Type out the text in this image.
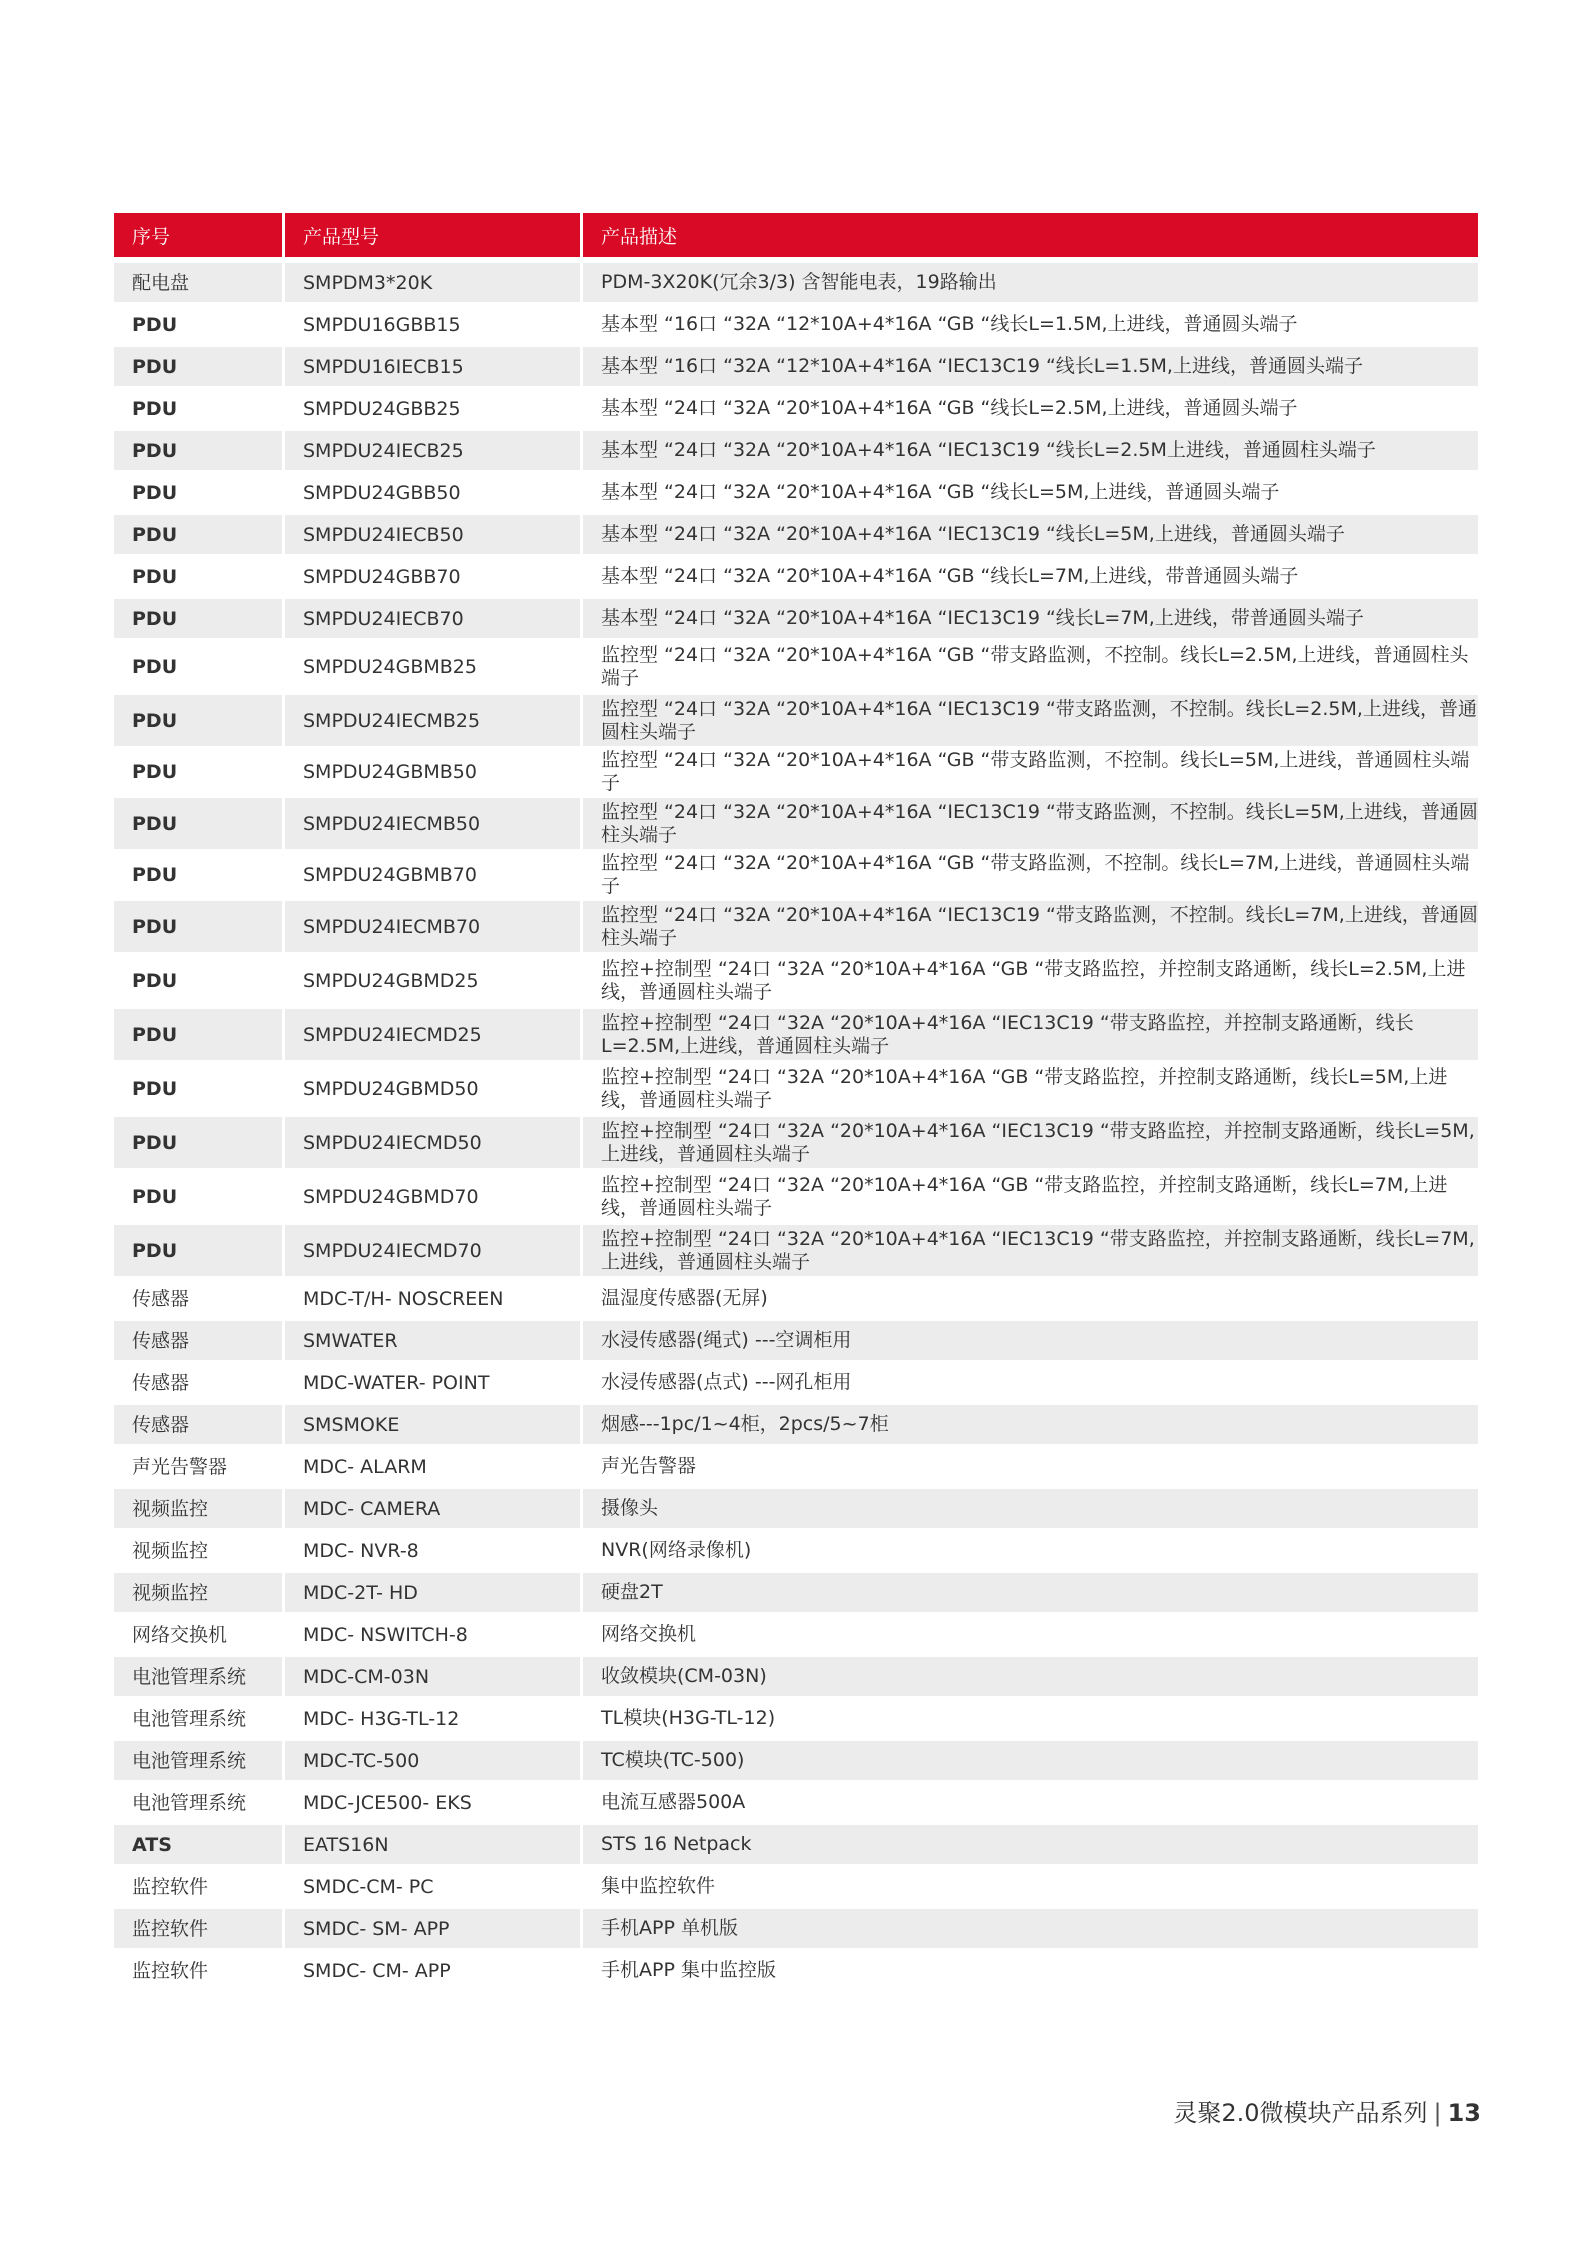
序号	产品型号	产品描述
配电盘	SMPDM3*20K	PDM-3X20K(冗余3/3) 含智能电表，19路输出
PDU	SMPDU16GBB15	基本型 “16口 “32A “12*10A+4*16A “GB “线长L=1.5M,上进线，普通圆头端子
PDU	SMPDU16IECB15	基本型 “16口 “32A “12*10A+4*16A “IEC13C19 “线长L=1.5M,上进线，普通圆头端子
PDU	SMPDU24GBB25	基本型 “24口 “32A “20*10A+4*16A “GB “线长L=2.5M,上进线，普通圆头端子
PDU	SMPDU24IECB25	基本型 “24口 “32A “20*10A+4*16A “IEC13C19 “线长L=2.5M上进线，普通圆柱头端子
PDU	SMPDU24GBB50	基本型 “24口 “32A “20*10A+4*16A “GB “线长L=5M,上进线，普通圆头端子
PDU	SMPDU24IECB50	基本型 “24口 “32A “20*10A+4*16A “IEC13C19 “线长L=5M,上进线，普通圆头端子
PDU	SMPDU24GBB70	基本型 “24口 “32A “20*10A+4*16A “GB “线长L=7M,上进线，带普通圆头端子
PDU	SMPDU24IECB70	基本型 “24口 “32A “20*10A+4*16A “IEC13C19 “线长L=7M,上进线，带普通圆头端子
PDU	SMPDU24GBMB25	监控型 “24口 “32A “20*10A+4*16A “GB “带支路监测，不控制。线长L=2.5M,上进线，普通圆柱头端子
PDU	SMPDU24IECMB25	监控型 “24口 “32A “20*10A+4*16A “IEC13C19 “带支路监测，不控制。线长L=2.5M,上进线，普通圆柱头端子
PDU	SMPDU24GBMB50	监控型 “24口 “32A “20*10A+4*16A “GB “带支路监测，不控制。线长L=5M,上进线，普通圆柱头端子
PDU	SMPDU24IECMB50	监控型 “24口 “32A “20*10A+4*16A “IEC13C19 “带支路监测，不控制。线长L=5M,上进线，普通圆柱头端子
PDU	SMPDU24GBMB70	监控型 “24口 “32A “20*10A+4*16A “GB “带支路监测，不控制。线长L=7M,上进线，普通圆柱头端子
PDU	SMPDU24IECMB70	监控型 “24口 “32A “20*10A+4*16A “IEC13C19 “带支路监测，不控制。线长L=7M,上进线，普通圆柱头端子
PDU	SMPDU24GBMD25	监控+控制型 “24口 “32A “20*10A+4*16A “GB “带支路监控，并控制支路通断，线长L=2.5M,上进线，普通圆柱头端子
PDU	SMPDU24IECMD25	监控+控制型 “24口 “32A “20*10A+4*16A “IEC13C19 “带支路监控，并控制支路通断，线长L=2.5M,上进线，普通圆柱头端子
PDU	SMPDU24GBMD50	监控+控制型 “24口 “32A “20*10A+4*16A “GB “带支路监控，并控制支路通断，线长L=5M,上进线，普通圆柱头端子
PDU	SMPDU24IECMD50	监控+控制型 “24口 “32A “20*10A+4*16A “IEC13C19 “带支路监控，并控制支路通断，线长L=5M,上进线，普通圆柱头端子
PDU	SMPDU24GBMD70	监控+控制型 “24口 “32A “20*10A+4*16A “GB “带支路监控，并控制支路通断，线长L=7M,上进线，普通圆柱头端子
PDU	SMPDU24IECMD70	监控+控制型 “24口 “32A “20*10A+4*16A “IEC13C19 “带支路监控，并控制支路通断，线长L=7M,上进线，普通圆柱头端子
传感器	MDC-T/H- NOSCREEN	温湿度传感器(无屏)
传感器	SMWATER	水浸传感器(绳式) ---空调柜用
传感器	MDC-WATER- POINT	水浸传感器(点式) ---网孔柜用
传感器	SMSMOKE	烟感---1pc/1~4柜，2pcs/5~7柜
声光告警器	MDC- ALARM	声光告警器
视频监控	MDC- CAMERA	摄像头
视频监控	MDC- NVR-8	NVR(网络录像机)
视频监控	MDC-2T- HD	硬盘2T
网络交换机	MDC- NSWITCH-8	网络交换机
电池管理系统	MDC-CM-03N	收敛模块(CM-03N)
电池管理系统	MDC- H3G-TL-12	TL模块(H3G-TL-12)
电池管理系统	MDC-TC-500	TC模块(TC-500)
电池管理系统	MDC-JCE500- EKS	电流互感器500A
ATS	EATS16N	STS 16 Netpack
监控软件	SMDC-CM- PC	集中监控软件
监控软件	SMDC- SM- APP	手机APP 单机版
监控软件	SMDC- CM- APP	手机APP 集中监控版
灵聚2.0微模块产品系列 | 13
